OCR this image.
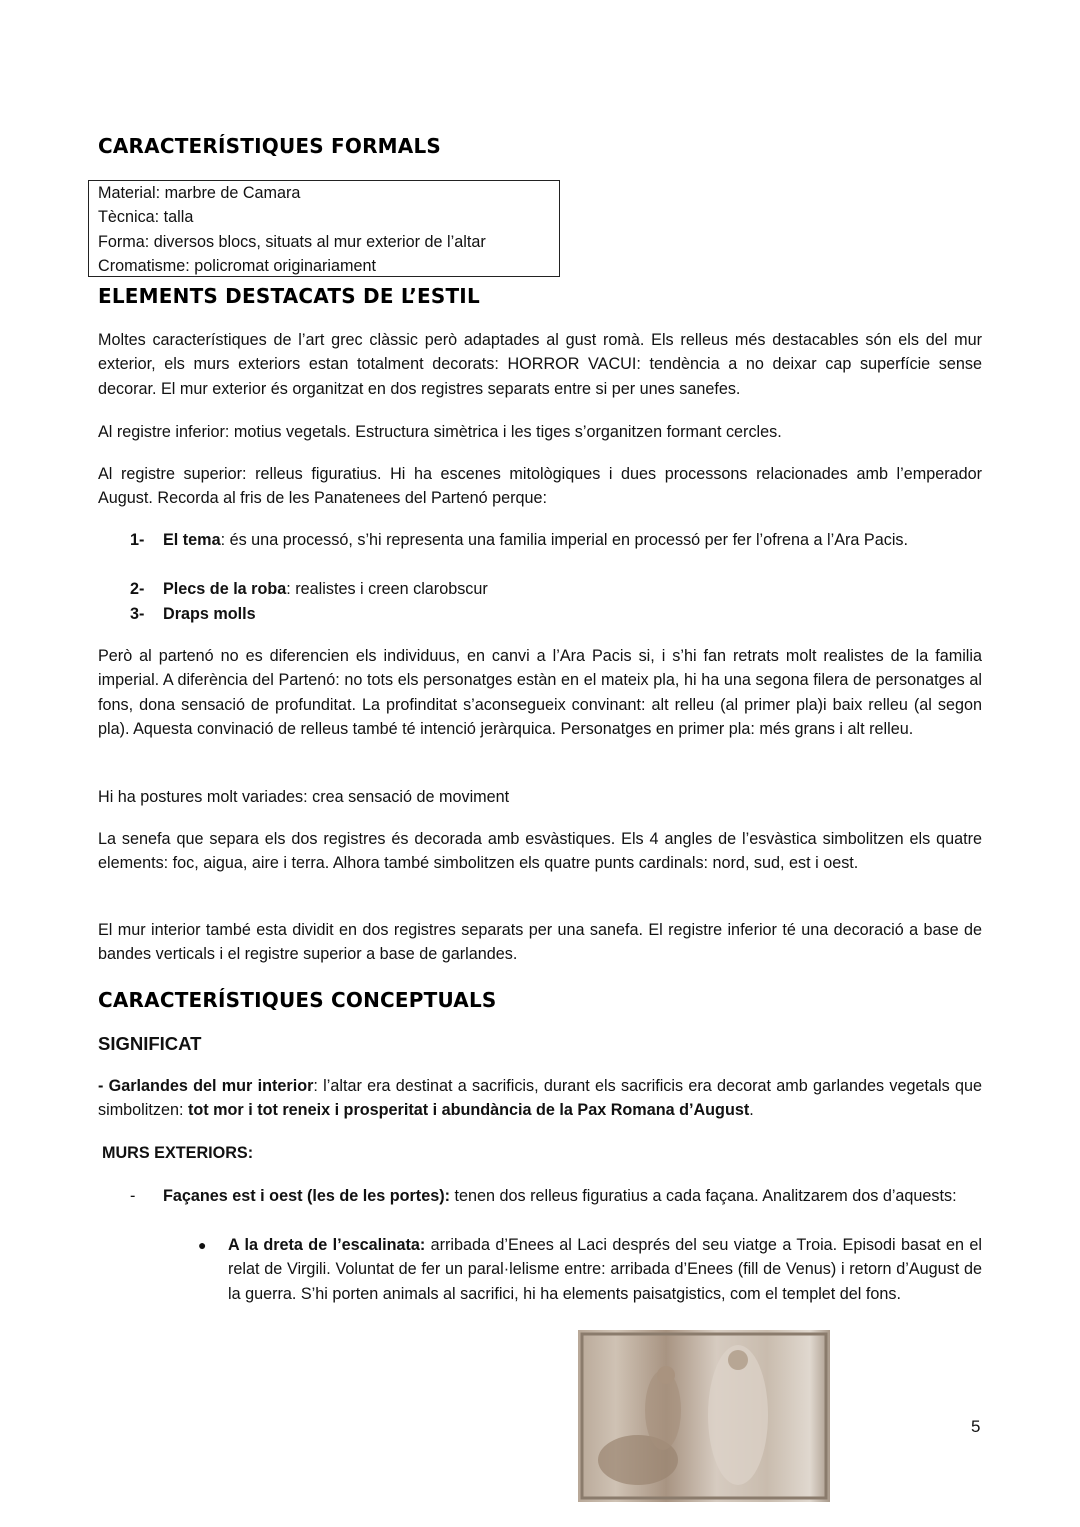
CARACTERÍSTIQUES FORMALS
Material: marbre de Camara
Tècnica: talla
Forma: diversos blocs, situats al mur exterior de l’altar
Cromatisme: policromat originariament
ELEMENTS DESTACATS DE L’ESTIL

Moltes característiques de l’art grec clàssic però adaptades al gust romà. Els relleus més destacables són els del mur exterior, els murs exteriors estan totalment decorats: HORROR VACUI: tendència a no deixar cap superfície sense decorar. El mur exterior és organitzat en dos registres separats entre si per unes sanefes.

Al registre inferior: motius vegetals. Estructura simètrica i les tiges s’organitzen formant cercles.

Al registre superior: relleus figuratius. Hi ha escenes mitològiques i dues processons relacionades amb l’emperador August. Recorda al fris de les Panatenees del Partenó perque:

1- El tema: és una processó, s’hi representa una familia imperial en processó per fer l’ofrena a l’Ara Pacis.
2- Plecs de la roba: realistes i creen clarobscur
3- Draps molls

Però al partenó no es diferencien els individuus, en canvi a l’Ara Pacis si, i s’hi fan retrats molt realistes de la familia imperial. A diferència del Partenó: no tots els personatges estàn en el mateix pla, hi ha una segona filera de personatges al fons, dona sensació de profunditat. La profinditat s’aconsegueix convinant: alt relleu (al primer pla)i baix relleu (al segon pla). Aquesta convinació de relleus també té intenció jeràrquica. Personatges en primer pla: més grans i alt relleu.

Hi ha postures molt variades: crea sensació de moviment

La senefa que separa els dos registres és decorada amb esvàstiques. Els 4 angles de l’esvàstica simbolitzen els quatre elements: foc, aigua, aire i terra. Alhora també simbolitzen els quatre punts cardinals: nord, sud, est i oest.

El mur interior també esta dividit en dos registres separats per una sanefa. El registre inferior té una decoració a base de bandes verticals i el registre superior a base de garlandes.

CARACTERÍSTIQUES CONCEPTUALS
SIGNIFICAT

- Garlandes del mur interior: l’altar era destinat a sacrificis, durant els sacrificis era decorat amb garlandes vegetals que simbolitzen: tot mor i tot reneix i prosperitat i abundància de la Pax Romana d’August.

MURS EXTERIORS:
- Façanes est i oest (les de les portes): tenen dos relleus figuratius a cada façana. Analitzarem dos d’aquests:

● A la dreta de l’escalinata: arribada d’Enees al Laci després del seu viatge a Troia. Episodi basat en el relat de Virgili. Voluntat de fer un paral·lelisme entre: arribada d’Enees (fill de Venus) i retorn d’August de la guerra. S’hi porten animals al sacrifici, hi ha elements paisatgistics, com el templet del fons.

5
